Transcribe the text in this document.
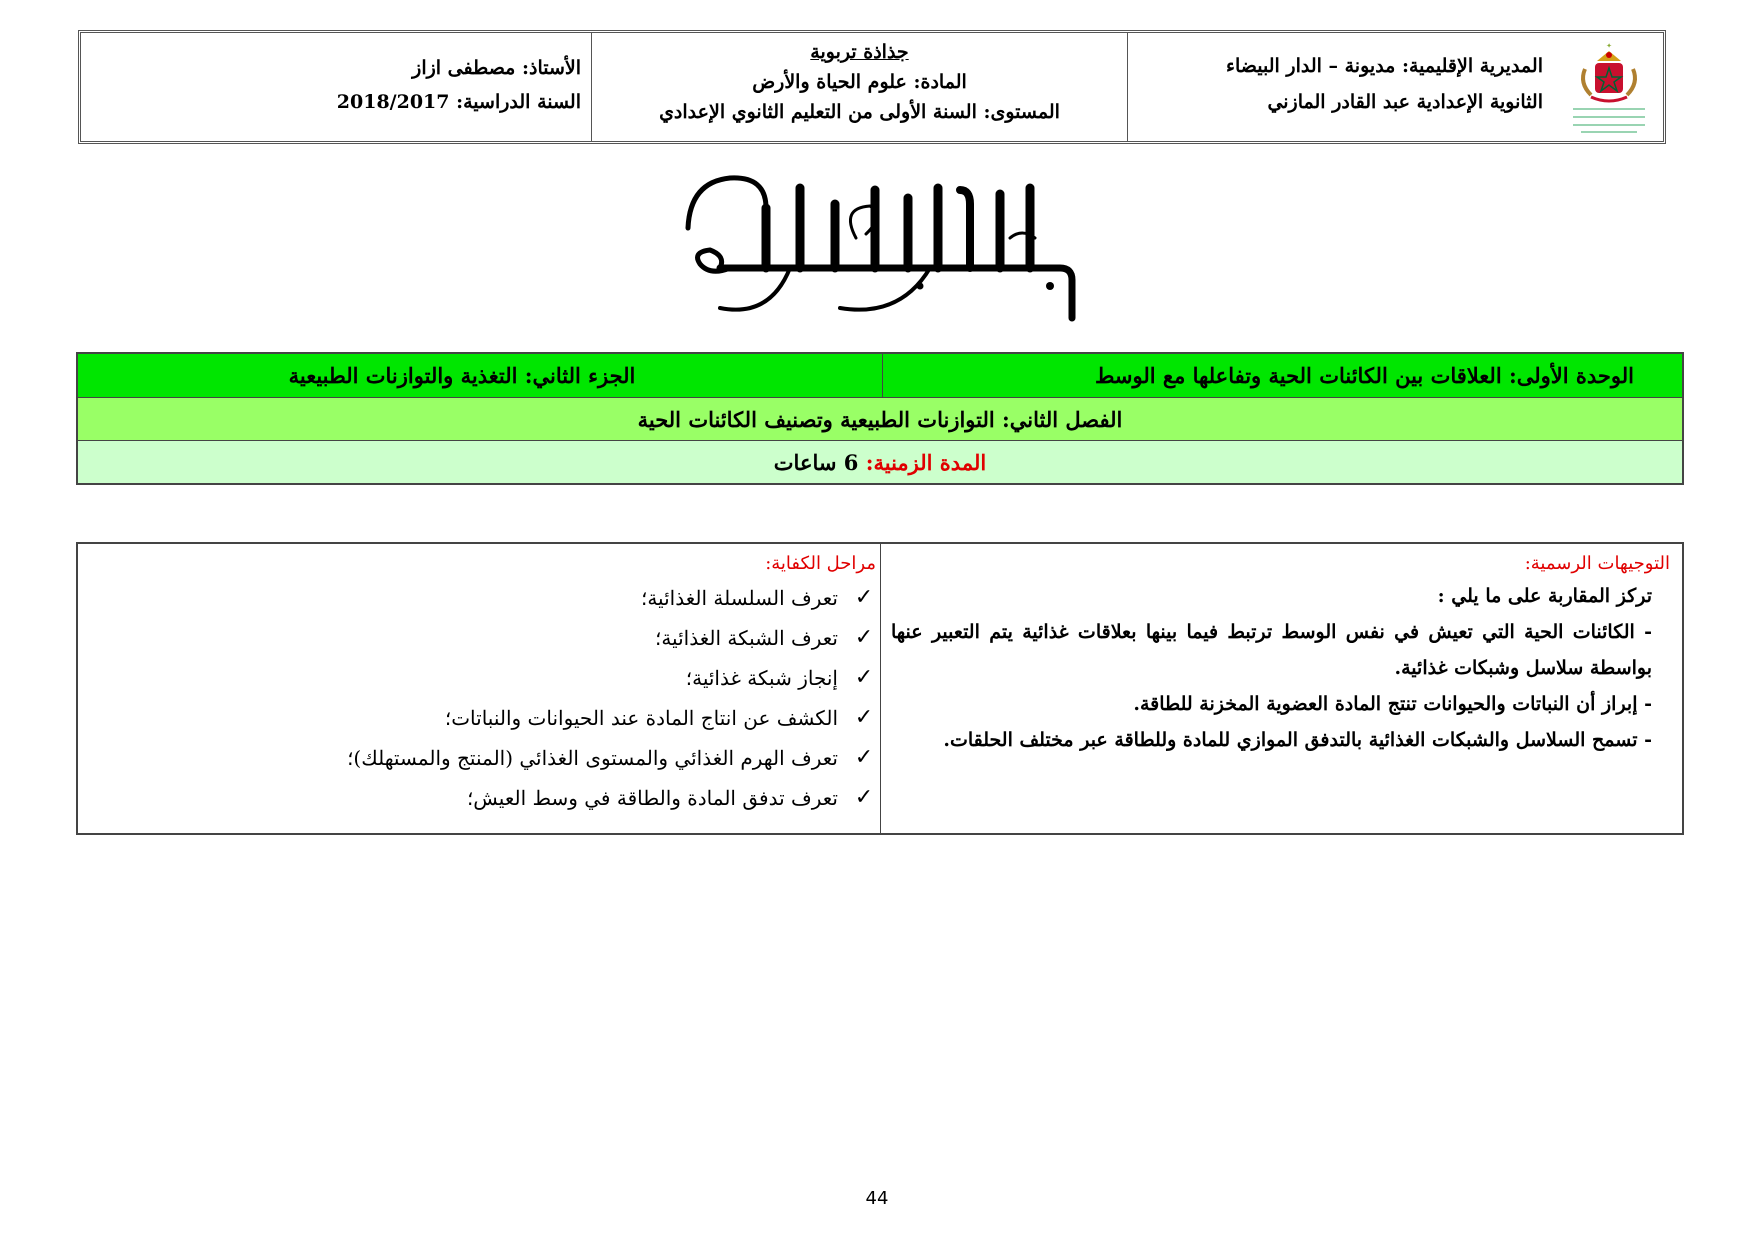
✦
المديرية الإقليمية: مديونة – الدار البيضاء
الثانوية الإعدادية عبد القادر المازني
جذاذة تربوية
المادة: علوم الحياة والأرض
المستوى: السنة الأولى من التعليم الثانوي الإعدادي
الأستاذ: مصطفى ازاز
السنة الدراسية: 2018/2017
الوحدة الأولى: العلاقات بين الكائنات الحية وتفاعلها مع الوسط
الجزء الثاني: التغذية والتوازنات الطبيعية
الفصل الثاني: التوازنات الطبيعية وتصنيف الكائنات الحية
المدة الزمنية: 6 ساعات
التوجيهات الرسمية:

تركز المقاربة على ما يلي :

- الكائنات الحية التي تعيش في نفس الوسط ترتبط فيما بينها بعلاقات غذائية يتم التعبير عنها بواسطة سلاسل وشبكات غذائية.

- إبراز أن النباتات والحيوانات تنتج المادة العضوية المخزنة للطاقة.

- تسمح السلاسل والشبكات الغذائية بالتدفق الموازي للمادة وللطاقة عبر مختلف الحلقات.

مراحل الكفاية:
✓
تعرف السلسلة الغذائية؛
✓
تعرف الشبكة الغذائية؛
✓
إنجاز شبكة غذائية؛
✓
الكشف عن انتاج المادة عند الحيوانات والنباتات؛
✓
تعرف الهرم الغذائي والمستوى الغذائي (المنتج والمستهلك)؛
✓
تعرف تدفق المادة والطاقة في وسط العيش؛
44
